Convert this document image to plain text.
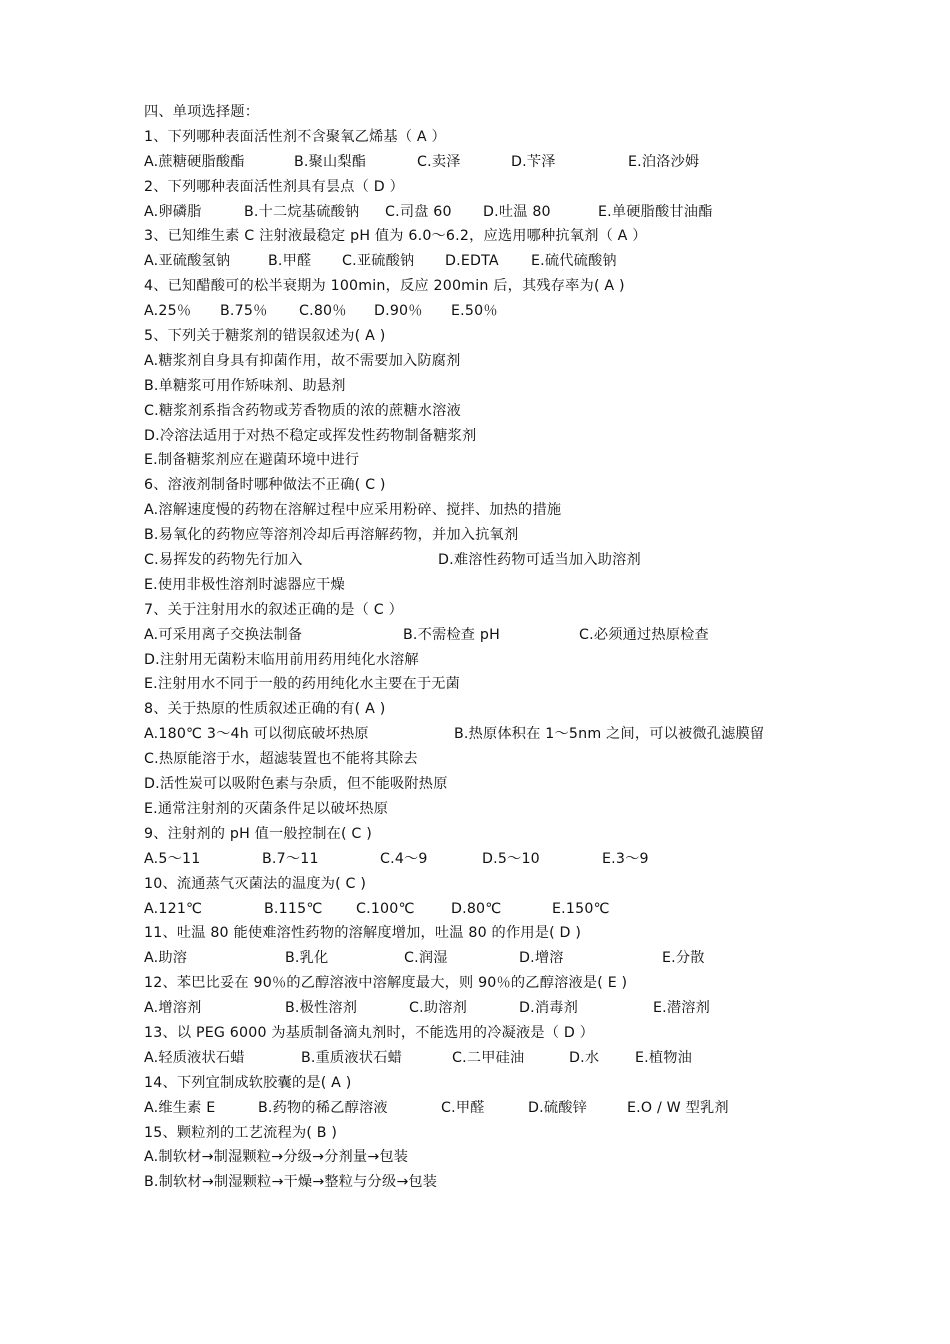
四、单项选择题：
1、下列哪种表面活性剂不含聚氧乙烯基（ A ）
A.蔗糖硬脂酸酯	B.聚山梨酯	C.卖泽	D.苄泽	E.泊洛沙姆
2、下列哪种表面活性剂具有昙点（ D ）
A.卵磷脂	B.十二烷基硫酸钠 C.司盘 60 D.吐温 80	E.单硬脂酸甘油酯
3、已知维生素 C 注射液最稳定 pH 值为 6.0～6.2，应选用哪种抗氧剂（ A ）
A.亚硫酸氢钠	B.甲醛 C.亚硫酸钠 D.EDTA E.硫代硫酸钠
4、已知醋酸可的松半衰期为 100min，反应 200min 后，其残存率为( A )
A.25％ B.75％ C.80％ D.90％ E.50％
5、下列关于糖浆剂的错误叙述为( A )
A.糖浆剂自身具有抑菌作用，故不需要加入防腐剂
B.单糖浆可用作矫味剂、助悬剂
C.糖浆剂系指含药物或芳香物质的浓的蔗糖水溶液
D.冷溶法适用于对热不稳定或挥发性药物制备糖浆剂
E.制备糖浆剂应在避菌环境中进行
6、溶液剂制备时哪种做法不正确( C )
A.溶解速度慢的药物在溶解过程中应采用粉碎、搅拌、加热的措施
B.易氧化的药物应等溶剂冷却后再溶解药物，并加入抗氧剂
C.易挥发的药物先行加入	D.难溶性药物可适当加入助溶剂
E.使用非极性溶剂时滤器应干燥
7、关于注射用水的叙述正确的是（ C ）
A.可采用离子交换法制备	B.不需检查 pH	C.必须通过热原检查
D.注射用无菌粉末临用前用药用纯化水溶解
E.注射用水不同于一般的药用纯化水主要在于无菌
8、关于热原的性质叙述正确的有( A )
A.180℃ 3～4h 可以彻底破坏热原	B.热原体积在 1～5nm 之间，可以被微孔滤膜留
C.热原能溶于水，超滤装置也不能将其除去
D.活性炭可以吸附色素与杂质，但不能吸附热原
E.通常注射剂的灭菌条件足以破坏热原
9、注射剂的 pH 值一般控制在( C )
A.5～11	B.7～11	C.4～9	D.5～10	E.3～9
10、流通蒸气灭菌法的温度为( C )
A.121℃	B.115℃ C.100℃	D.80℃	E.150℃
11、吐温 80 能使难溶性药物的溶解度增加，吐温 80 的作用是( D )
A.助溶	B.乳化	C.润湿	D.增溶	E.分散
12、苯巴比妥在 90％的乙醇溶液中溶解度最大，则 90％的乙醇溶液是( E )
A.增溶剂	B.极性溶剂	C.助溶剂	D.消毒剂	E.潜溶剂
13、以 PEG 6000 为基质制备滴丸剂时，不能选用的冷凝液是（ D ）
A.轻质液状石蜡	B.重质液状石蜡	C.二甲硅油	D.水	E.植物油
14、下列宜制成软胶囊的是( A )
A.维生素 E	B.药物的稀乙醇溶液	C.甲醛	D.硫酸锌	E.O / W 型乳剂
15、颗粒剂的工艺流程为( B )
A.制软材→制湿颗粒→分级→分剂量→包装
B.制软材→制湿颗粒→干燥→整粒与分级→包装
